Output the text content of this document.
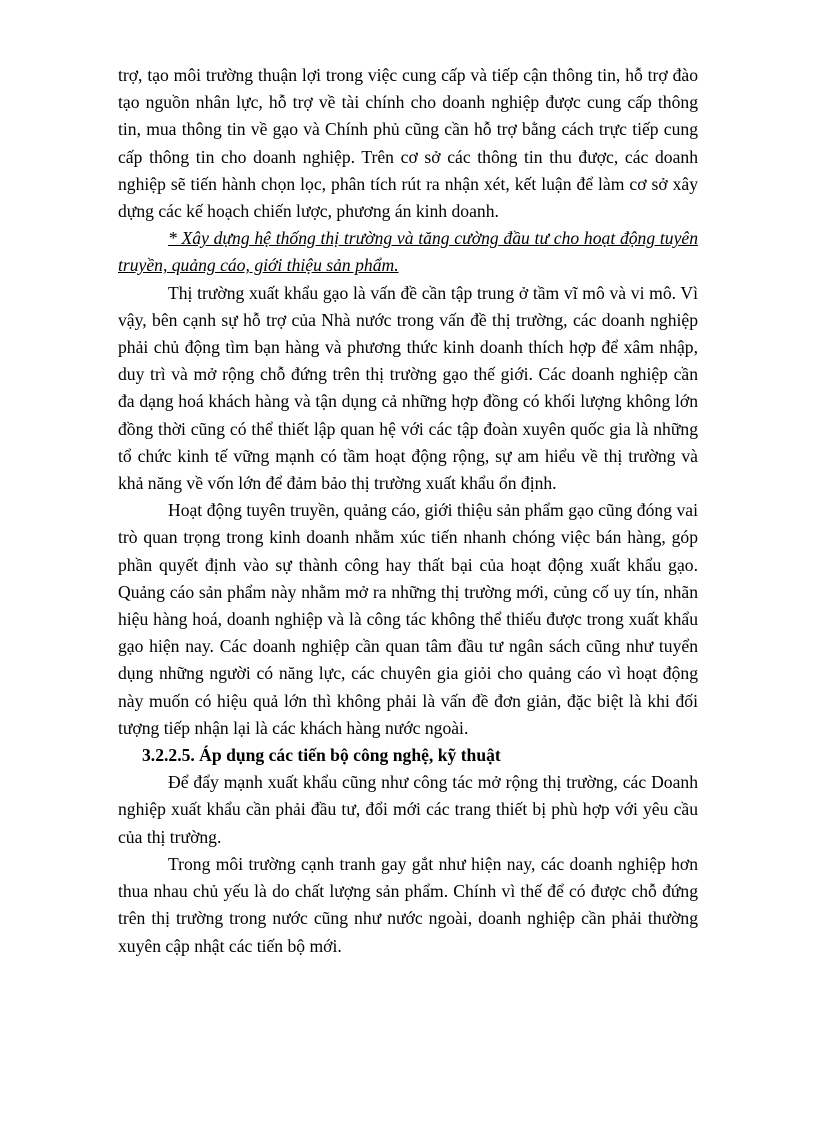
trợ, tạo môi trường thuận lợi trong việc cung cấp và tiếp cận thông tin, hỗ trợ đào tạo nguồn nhân lực, hỗ trợ về tài chính cho doanh nghiệp được cung cấp thông tin, mua thông tin về gạo và Chính phủ cũng cần hỗ trợ bằng cách trực tiếp cung cấp thông tin cho doanh nghiệp. Trên cơ sở các thông tin thu được, các doanh nghiệp sẽ tiến hành chọn lọc, phân tích rút ra nhận xét, kết luận để làm cơ sở xây dựng các kế hoạch chiến lược, phương án kinh doanh.

* Xây dựng hệ thống thị trường và tăng cường đầu tư cho hoạt động tuyên truyền, quảng cáo, giới thiệu sản phẩm.

Thị trường xuất khẩu gạo là vấn đề cần tập trung ở tầm vĩ mô và vi mô. Vì vậy, bên cạnh sự hỗ trợ của Nhà nước trong vấn đề thị trường, các doanh nghiệp phải chủ động tìm bạn hàng và phương thức kinh doanh thích hợp để xâm nhập, duy trì và mở rộng chỗ đứng trên thị trường gạo thế giới. Các doanh nghiệp cần đa dạng hoá khách hàng và tận dụng cả những hợp đồng có khối lượng không lớn đồng thời cũng có thể thiết lập quan hệ với các tập đoàn xuyên quốc gia là những tổ chức kinh tế vững mạnh có tầm hoạt động rộng, sự am hiểu về thị trường và khả năng về vốn lớn để đảm bảo thị trường xuất khẩu ổn định.

Hoạt động tuyên truyền, quảng cáo, giới thiệu sản phẩm gạo cũng đóng vai trò quan trọng trong kinh doanh nhằm xúc tiến nhanh chóng việc bán hàng, góp phần quyết định vào sự thành công hay thất bại của hoạt động xuất khẩu gạo. Quảng cáo sản phẩm này nhằm mở ra những thị trường mới, củng cố uy tín, nhãn hiệu hàng hoá, doanh nghiệp và là công tác không thể thiếu được trong xuất khẩu gạo hiện nay. Các doanh nghiệp cần quan tâm đầu tư ngân sách cũng như tuyển dụng những người có năng lực, các chuyên gia giỏi cho quảng cáo vì hoạt động này muốn có hiệu quả lớn thì không phải là vấn đề đơn giản, đặc biệt là khi đối tượng tiếp nhận lại là các khách hàng nước ngoài.

3.2.2.5. Áp dụng các tiến bộ công nghệ, kỹ thuật

Để đẩy mạnh xuất khẩu cũng như công tác mở rộng thị trường, các Doanh nghiệp xuất khẩu cần phải đầu tư, đổi mới các trang thiết bị phù hợp với yêu cầu của thị trường.

Trong môi trường cạnh tranh gay gắt như hiện nay, các doanh nghiệp hơn thua nhau chủ yếu là do chất lượng sản phẩm. Chính vì thế để có được chỗ đứng trên thị trường trong nước cũng như nước ngoài, doanh nghiệp cần phải thường xuyên cập nhật các tiến bộ mới.
